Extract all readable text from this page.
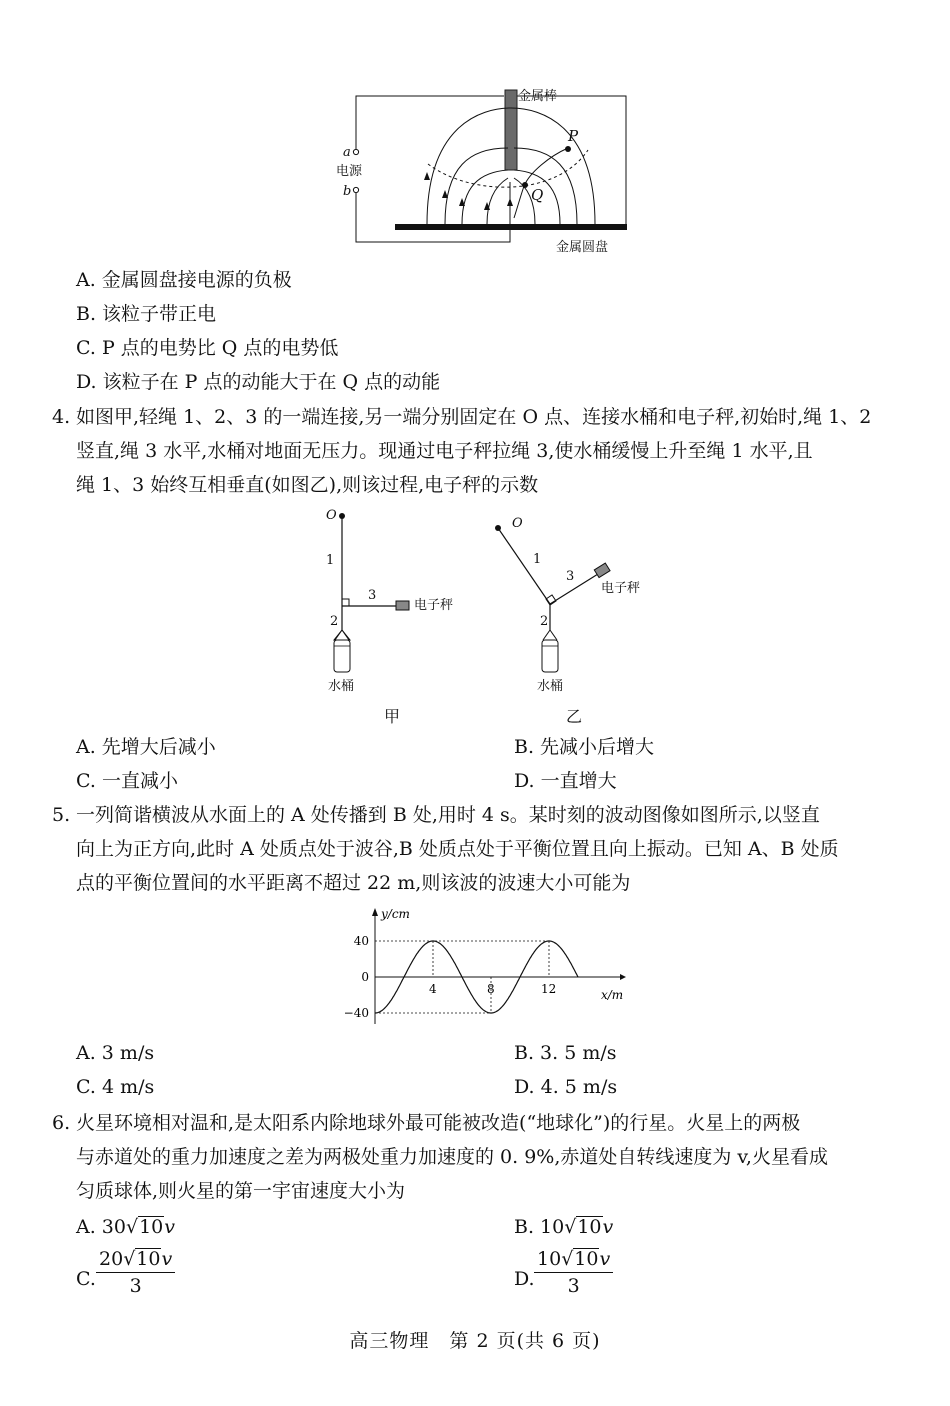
金属棒
a
电源
b
P
Q
金属圆盘
A. 金属圆盘接电源的负极
B. 该粒子带正电
C. P 点的电势比 Q 点的电势低
D. 该粒子在 P 点的动能大于在 Q 点的动能
4. 如图甲,轻绳 1、2、3 的一端连接,另一端分别固定在 O 点、连接水桶和电子秤,初始时,绳 1、2
竖直,绳 3 水平,水桶对地面无压力。现通过电子秤拉绳 3,使水桶缓慢上升至绳 1 水平,且
绳 1、3 始终互相垂直(如图乙),则该过程,电子秤的示数
O
1
3
电子秤
2
水桶
甲
O
1
3
电子秤
2
水桶
乙
A. 先增大后减小	B. 先减小后增大
C. 一直减小	D. 一直增大
5. 一列简谐横波从水面上的 A 处传播到 B 处,用时 4 s。某时刻的波动图像如图所示,以竖直
向上为正方向,此时 A 处质点处于波谷,B 处质点处于平衡位置且向上振动。已知 A、B 处质
点的平衡位置间的水平距离不超过 22 m,则该波的波速大小可能为
y/cm
x/m
4	8	12
40
0
−40
A. 3 m/s	B. 3. 5 m/s
C. 4 m/s	D. 4. 5 m/s
6. 火星环境相对温和,是太阳系内除地球外最可能被改造(“地球化”)的行星。火星上的两极
与赤道处的重力加速度之差为两极处重力加速度的 0. 9%,赤道处自转线速度为 v,火星看成
匀质球体,则火星的第一宇宙速度大小为
A. 30√10v	B. 10√10v
C. $\frac{20√10v}{3}$	D. $\frac{10√10v}{3}$
高三物理　第 2 页(共 6 页)
